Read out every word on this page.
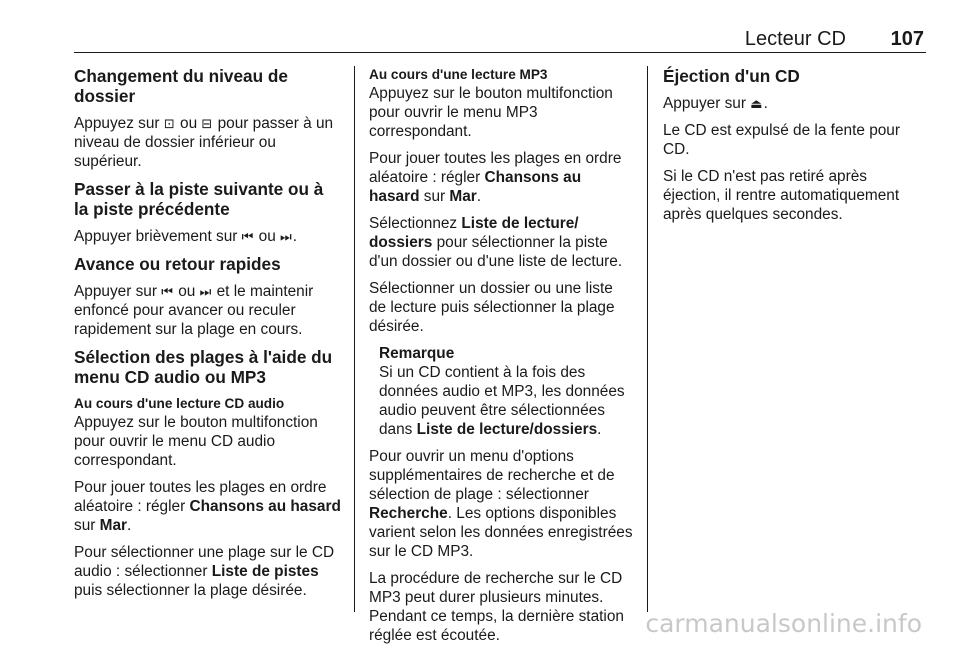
Lecteur CD 107
Changement du niveau de dossier

Appuyez sur ⊡ ou ⊟ pour passer à un niveau de dossier inférieur ou supérieur.

Passer à la piste suivante ou à la piste précédente

Appuyer brièvement sur ⏮ ou ⏭.

Avance ou retour rapides

Appuyer sur ⏮ ou ⏭ et le maintenir enfoncé pour avancer ou reculer rapidement sur la plage en cours.

Sélection des plages à l'aide du menu CD audio ou MP3
Au cours d'une lecture CD audio

Appuyez sur le bouton multifonction pour ouvrir le menu CD audio correspondant.

Pour jouer toutes les plages en ordre aléatoire : régler Chansons au hasard sur Mar.

Pour sélectionner une plage sur le CD audio : sélectionner Liste de pistes puis sélectionner la plage désirée.

Au cours d'une lecture MP3

Appuyez sur le bouton multifonction pour ouvrir le menu MP3 correspondant.

Pour jouer toutes les plages en ordre aléatoire : régler Chansons au hasard sur Mar.

Sélectionnez Liste de lecture/ dossiers pour sélectionner la piste d'un dossier ou d'une liste de lecture.

Sélectionner un dossier ou une liste de lecture puis sélectionner la plage désirée.

Remarque
Si un CD contient à la fois des données audio et MP3, les données audio peuvent être sélectionnées dans Liste de lecture/dossiers.

Pour ouvrir un menu d'options supplémentaires de recherche et de sélection de plage : sélectionner Recherche. Les options disponibles varient selon les données enregistrées sur le CD MP3.

La procédure de recherche sur le CD MP3 peut durer plusieurs minutes. Pendant ce temps, la dernière station réglée est écoutée.

Éjection d'un CD

Appuyer sur ⏏.

Le CD est expulsé de la fente pour CD.

Si le CD n'est pas retiré après éjection, il rentre automatiquement après quelques secondes.

carmanualsonline.info
